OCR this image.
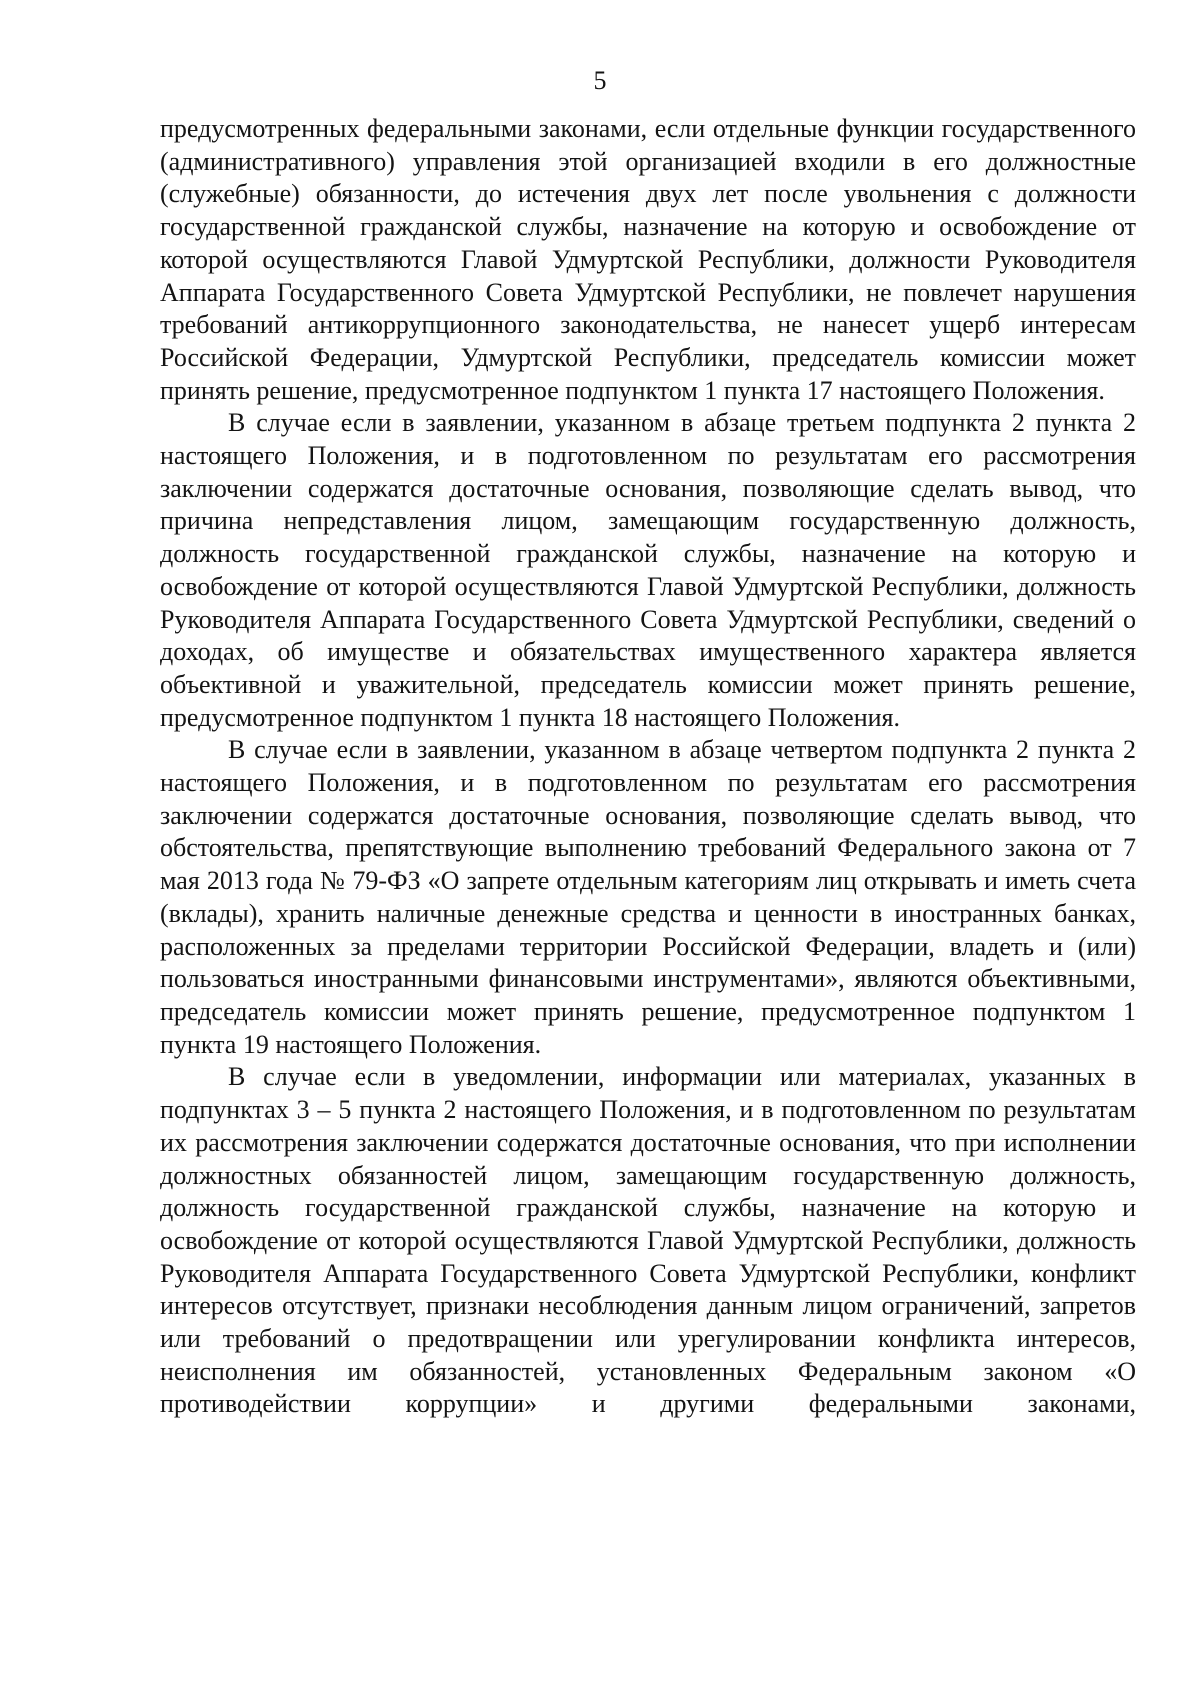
5

предусмотренных федеральными законами, если отдельные функции государственного (административного) управления этой организацией входили в его должностные (служебные) обязанности, до истечения двух лет после увольнения с должности государственной гражданской службы, назначение на которую и освобождение от которой осуществляются Главой Удмуртской Республики, должности Руководителя Аппарата Государственного Совета Удмуртской Республики, не повлечет нарушения требований антикоррупционного законодательства, не нанесет ущерб интересам Российской Федерации, Удмуртской Республики, председатель комиссии может принять решение, предусмотренное подпунктом 1 пункта 17 настоящего Положения.

В случае если в заявлении, указанном в абзаце третьем подпункта 2 пункта 2 настоящего Положения, и в подготовленном по результатам его рассмотрения заключении содержатся достаточные основания, позволяющие сделать вывод, что причина непредставления лицом, замещающим государственную должность, должность государственной гражданской службы, назначение на которую и освобождение от которой осуществляются Главой Удмуртской Республики, должность Руководителя Аппарата Государственного Совета Удмуртской Республики, сведений о доходах, об имуществе и обязательствах имущественного характера является объективной и уважительной, председатель комиссии может принять решение, предусмотренное подпунктом 1 пункта 18 настоящего Положения.

В случае если в заявлении, указанном в абзаце четвертом подпункта 2 пункта 2 настоящего Положения, и в подготовленном по результатам его рассмотрения заключении содержатся достаточные основания, позволяющие сделать вывод, что обстоятельства, препятствующие выполнению требований Федерального закона от 7 мая 2013 года № 79-ФЗ «О запрете отдельным категориям лиц открывать и иметь счета (вклады), хранить наличные денежные средства и ценности в иностранных банках, расположенных за пределами территории Российской Федерации, владеть и (или) пользоваться иностранными финансовыми инструментами», являются объективными, председатель комиссии может принять решение, предусмотренное подпунктом 1 пункта 19 настоящего Положения.

В случае если в уведомлении, информации или материалах, указанных в подпунктах 3 – 5 пункта 2 настоящего Положения, и в подготовленном по результатам их рассмотрения заключении содержатся достаточные основания, что при исполнении должностных обязанностей лицом, замещающим государственную должность, должность государственной гражданской службы, назначение на которую и освобождение от которой осуществляются Главой Удмуртской Республики, должность Руководителя Аппарата Государственного Совета Удмуртской Республики, конфликт интересов отсутствует, признаки несоблюдения данным лицом ограничений, запретов или требований о предотвращении или урегулировании конфликта интересов, неисполнения им обязанностей, установленных Федеральным законом «О противодействии коррупции» и другими федеральными законами,
